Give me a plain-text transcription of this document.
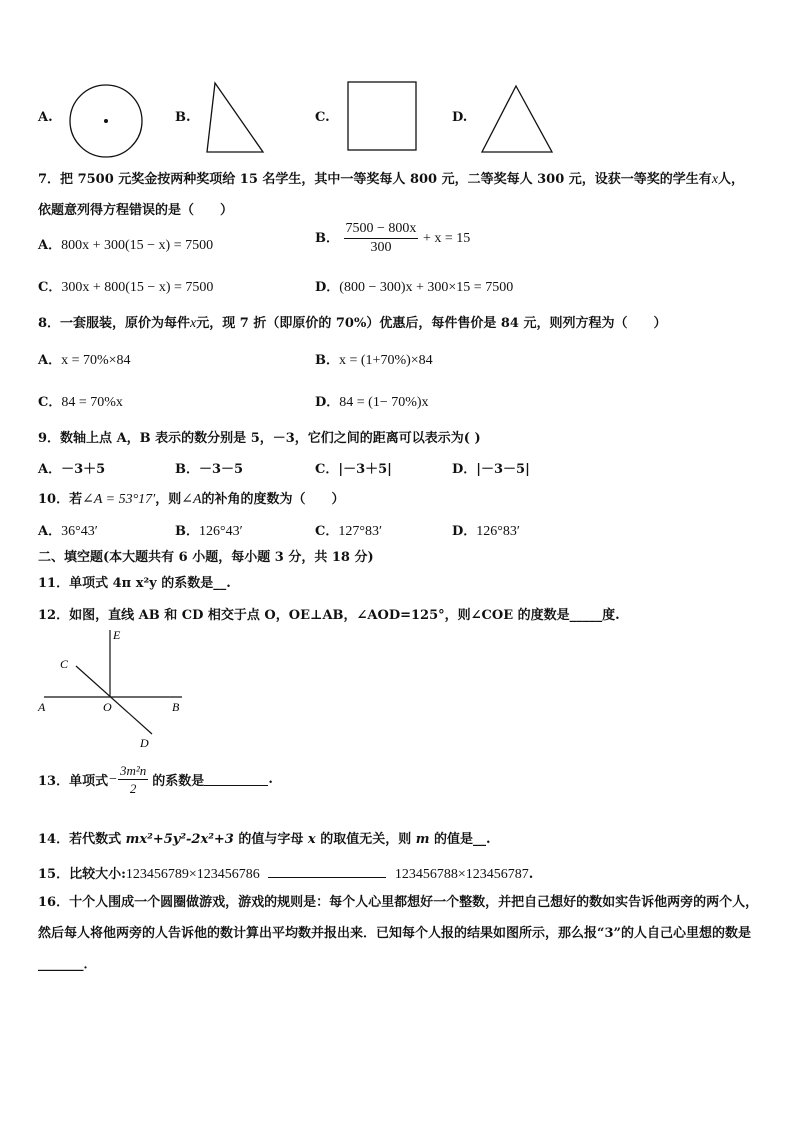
A.	B.	C.	D.
7．把 7500 元奖金按两种奖项给 15 名学生，其中一等奖每人 800 元，二等奖每人 300 元，设获一等奖的学生有x人，
依题意列得方程错误的是（　　）
A．800x + 300(15 − x) = 7500	B． $\frac{7500 - 800x}{300} + x = 15$
C．300x + 800(15 − x) = 7500	D．(800 − 300)x + 300×15 = 7500
8．一套服装，原价为每件x元，现 7 折（即原价的 70%）优惠后，每件售价是 84 元，则列方程为（　　）
A．x = 70%×84	B．x = (1+70%)×84
C．84 = 70%x	D．84 = (1− 70%)x
9．数轴上点 A，B 表示的数分别是 5，－3，它们之间的距离可以表示为( )
A．－3＋5	B．－3－5	C．|－3＋5|	D．|－3－5|
10．若∠A = 53°17′，则∠A的补角的度数为（　　）
A．36°43′	B．126°43′	C．127°83′	D．126°83′
二、填空题(本大题共有 6 小题，每小题 3 分，共 18 分)
11．单项式 4π x²y 的系数是__.
12．如图，直线 AB 和 CD 相交于点 O，OE⊥AB，∠AOD=125°，则∠COE 的度数是_____度.
E
C
A	O	B
D
13．单项式 − $\frac{\text{3m²n}}{2}$ 的系数是	.
14．若代数式 mx²+5y²-2x²+3 的值与字母 x 的取值无关，则 m 的值是__.
15．比较大小:123456789×123456786	123456788×123456787.
16．十个人围成一个圆圈做游戏，游戏的规则是：每个人心里都想好一个整数，并把自己想好的数如实告诉他两旁的两个人，然后每人将他两旁的人告诉他的数计算出平均数并报出来．已知每个人报的结果如图所示，那么报“3”的人自己心里想的数是_______．
